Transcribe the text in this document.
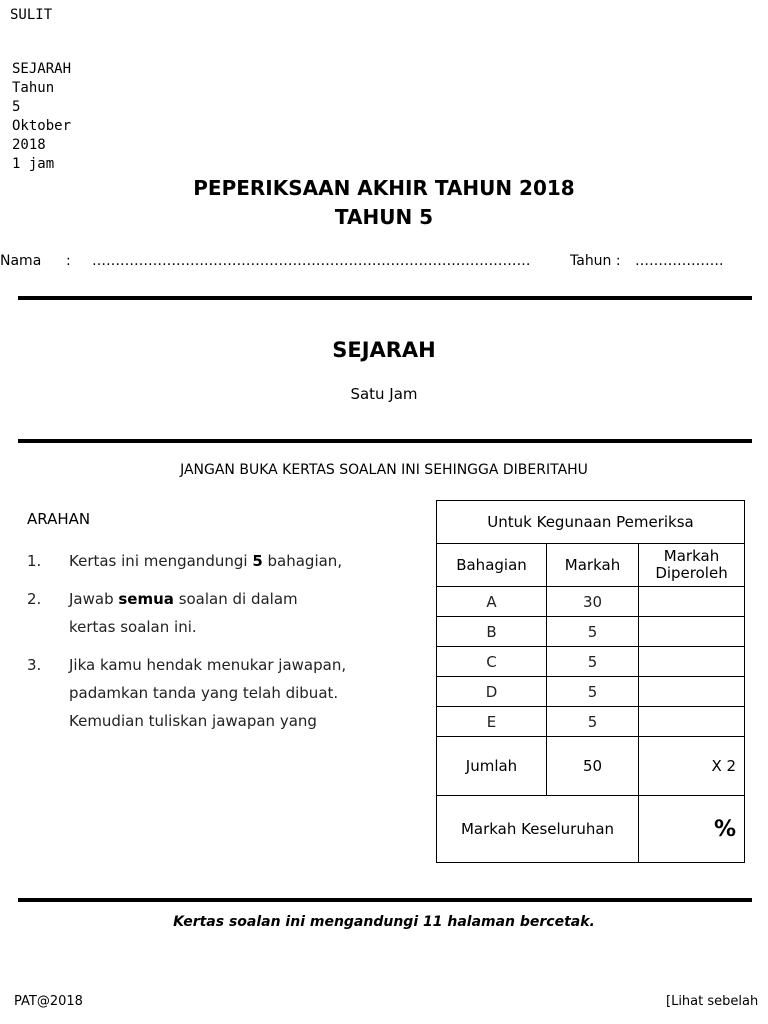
SULIT
SEJARAH
Tahun
5
Oktober
2018
1 jam
PEPERIKSAAN AKHIR TAHUN 2018
TAHUN 5
Nama : …………………….……………………………………………………………	Tahun : ……………….
SEJARAH
Satu Jam
JANGAN BUKA KERTAS SOALAN INI SEHINGGA DIBERITAHU
ARAHAN
1. Kertas ini mengandungi 5 bahagian,
2. Jawab semua soalan di dalam
kertas soalan ini.
3. Jika kamu hendak menukar jawapan,
padamkan tanda yang telah dibuat.
Kemudian tuliskan jawapan yang
Untuk Kegunaan Pemeriksa		
Bahagian	Markah	Markah
Diperoleh
A	30	
B	5	
C	5	
D	5	
E	5	
Jumlah	50	X 2
Markah Keseluruhan		%
Kertas soalan ini mengandungi 11 halaman bercetak.
PAT@2018	[Lihat sebelah
